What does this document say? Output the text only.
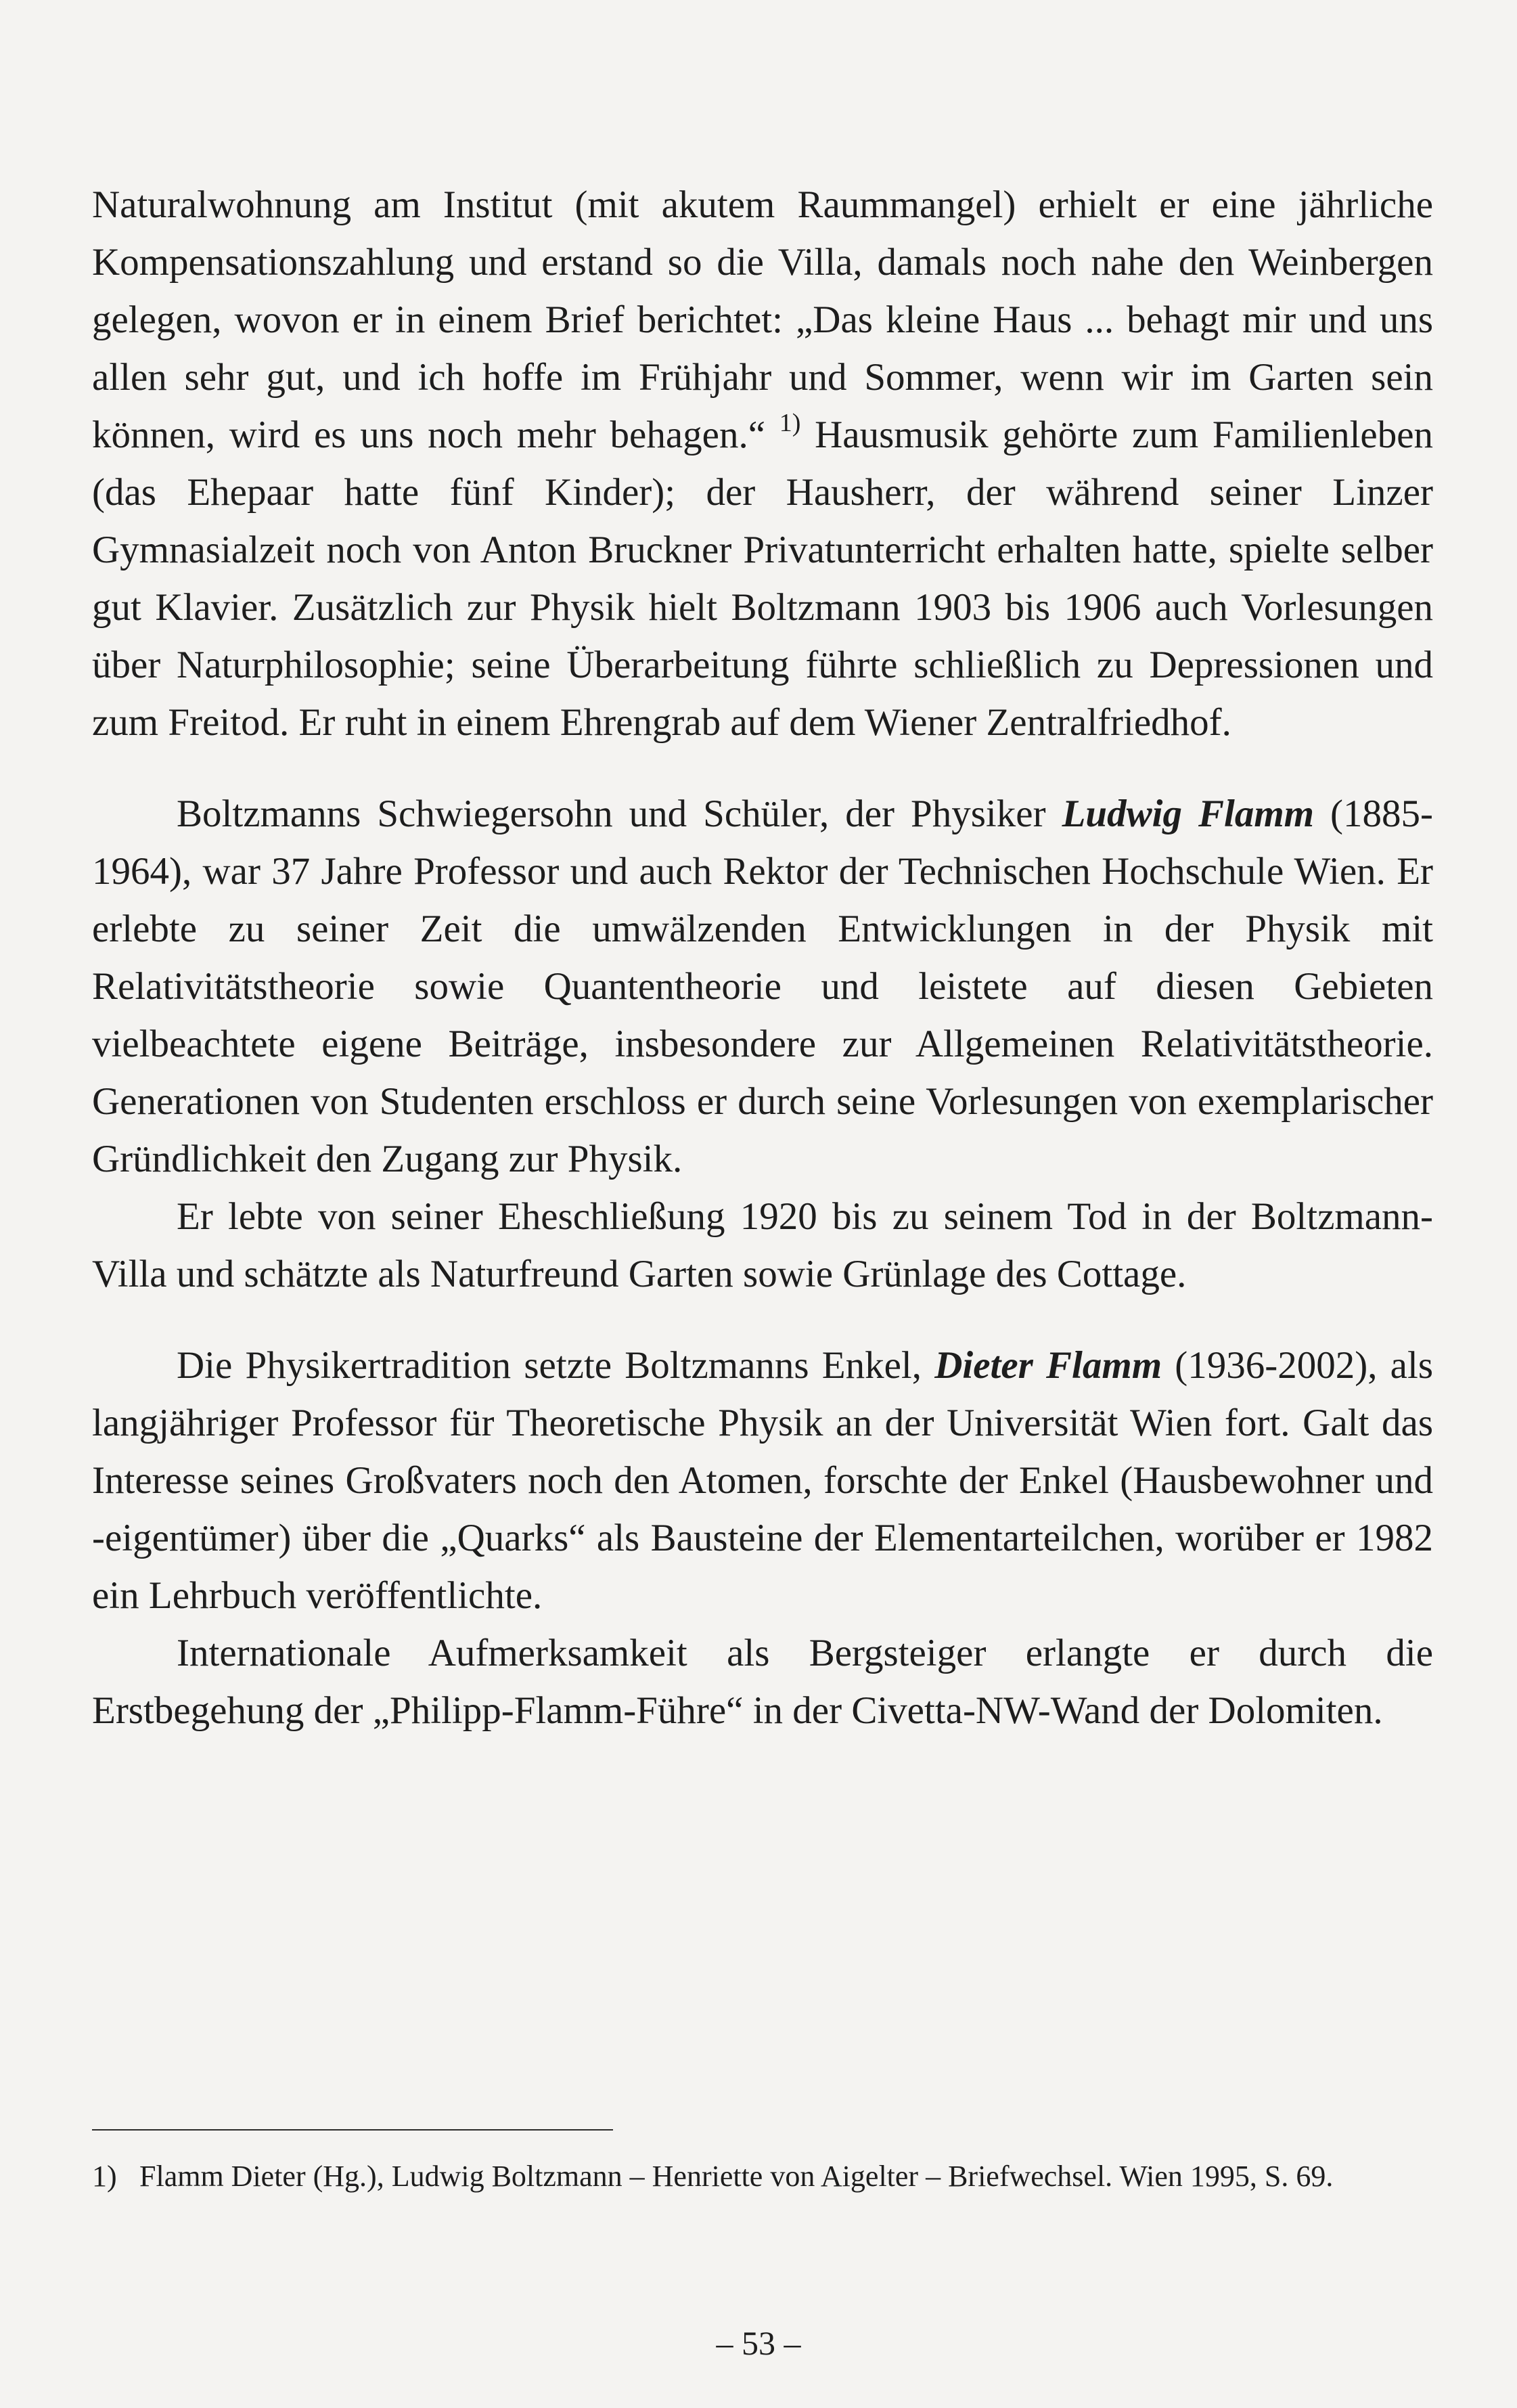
Naturalwohnung am Institut (mit akutem Raummangel) erhielt er eine jährliche Kompensationszahlung und erstand so die Villa, damals noch nahe den Weinbergen gelegen, wovon er in einem Brief berichtet: „Das kleine Haus ... behagt mir und uns allen sehr gut, und ich hoffe im Frühjahr und Sommer, wenn wir im Garten sein können, wird es uns noch mehr behagen.“ $^{1)}$ Hausmusik gehörte zum Familienleben (das Ehepaar hatte fünf Kinder); der Hausherr, der während seiner Linzer Gymnasialzeit noch von Anton Bruckner Privatunterricht erhalten hatte, spielte selber gut Klavier. Zusätzlich zur Physik hielt Boltzmann 1903 bis 1906 auch Vorlesungen über Naturphilosophie; seine Überarbeitung führte schließlich zu Depressionen und zum Freitod. Er ruht in einem Ehrengrab auf dem Wiener Zentralfriedhof.

Boltzmanns Schwiegersohn und Schüler, der Physiker Ludwig Flamm (1885-1964), war 37 Jahre Professor und auch Rektor der Technischen Hochschule Wien. Er erlebte zu seiner Zeit die umwälzenden Entwicklungen in der Physik mit Relativitätstheorie sowie Quantentheorie und leistete auf diesen Gebieten vielbeachtete eigene Beiträge, insbesondere zur Allgemeinen Relativitätstheorie. Generationen von Studenten erschloss er durch seine Vorlesungen von exemplarischer Gründlichkeit den Zugang zur Physik.

Er lebte von seiner Eheschließung 1920 bis zu seinem Tod in der Boltzmann-Villa und schätzte als Naturfreund Garten sowie Grünlage des Cottage.

Die Physikertradition setzte Boltzmanns Enkel, Dieter Flamm (1936-2002), als langjähriger Professor für Theoretische Physik an der Universität Wien fort. Galt das Interesse seines Großvaters noch den Atomen, forschte der Enkel (Hausbewohner und -eigentümer) über die „Quarks“ als Bausteine der Elementarteilchen, worüber er 1982 ein Lehrbuch veröffentlichte.

Internationale Aufmerksamkeit als Bergsteiger erlangte er durch die Erstbegehung der „Philipp-Flamm-Führe“ in der Civetta-NW-Wand der Dolomiten.

1) Flamm Dieter (Hg.), Ludwig Boltzmann – Henriette von Aigelter – Briefwechsel. Wien 1995, S. 69.
– 53 –
